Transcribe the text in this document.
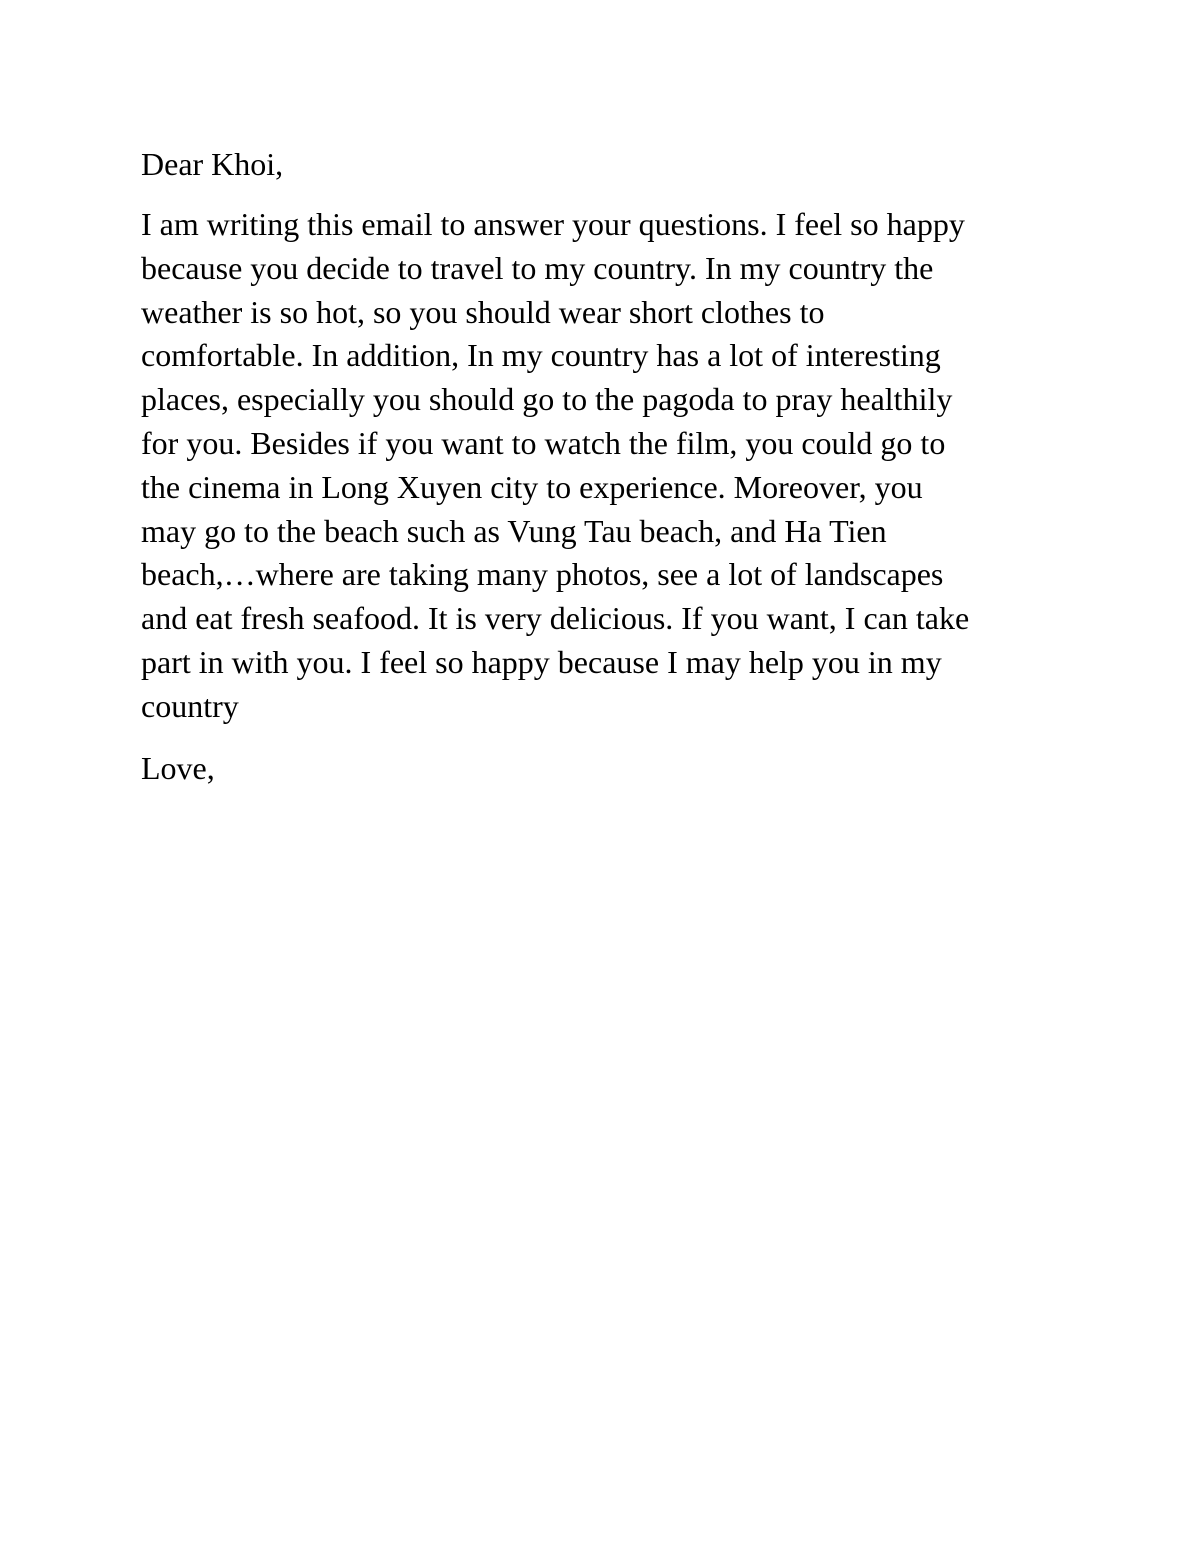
Dear Khoi,

I am writing this email to answer your questions. I feel so happy
because you decide to travel to my country. In my country the
weather is so hot, so you should wear short clothes to
comfortable. In addition, In my country has a lot of interesting
places, especially you should go to the pagoda to pray healthily
for you. Besides if you want to watch the film, you could go to
the cinema in Long Xuyen city to experience. Moreover, you
may go to the beach such as Vung Tau beach, and Ha Tien
beach,…where are taking many photos, see a lot of landscapes
and eat fresh seafood. It is very delicious. If you want, I can take
part in with you. I feel so happy because I may help you in my
country

Love,
